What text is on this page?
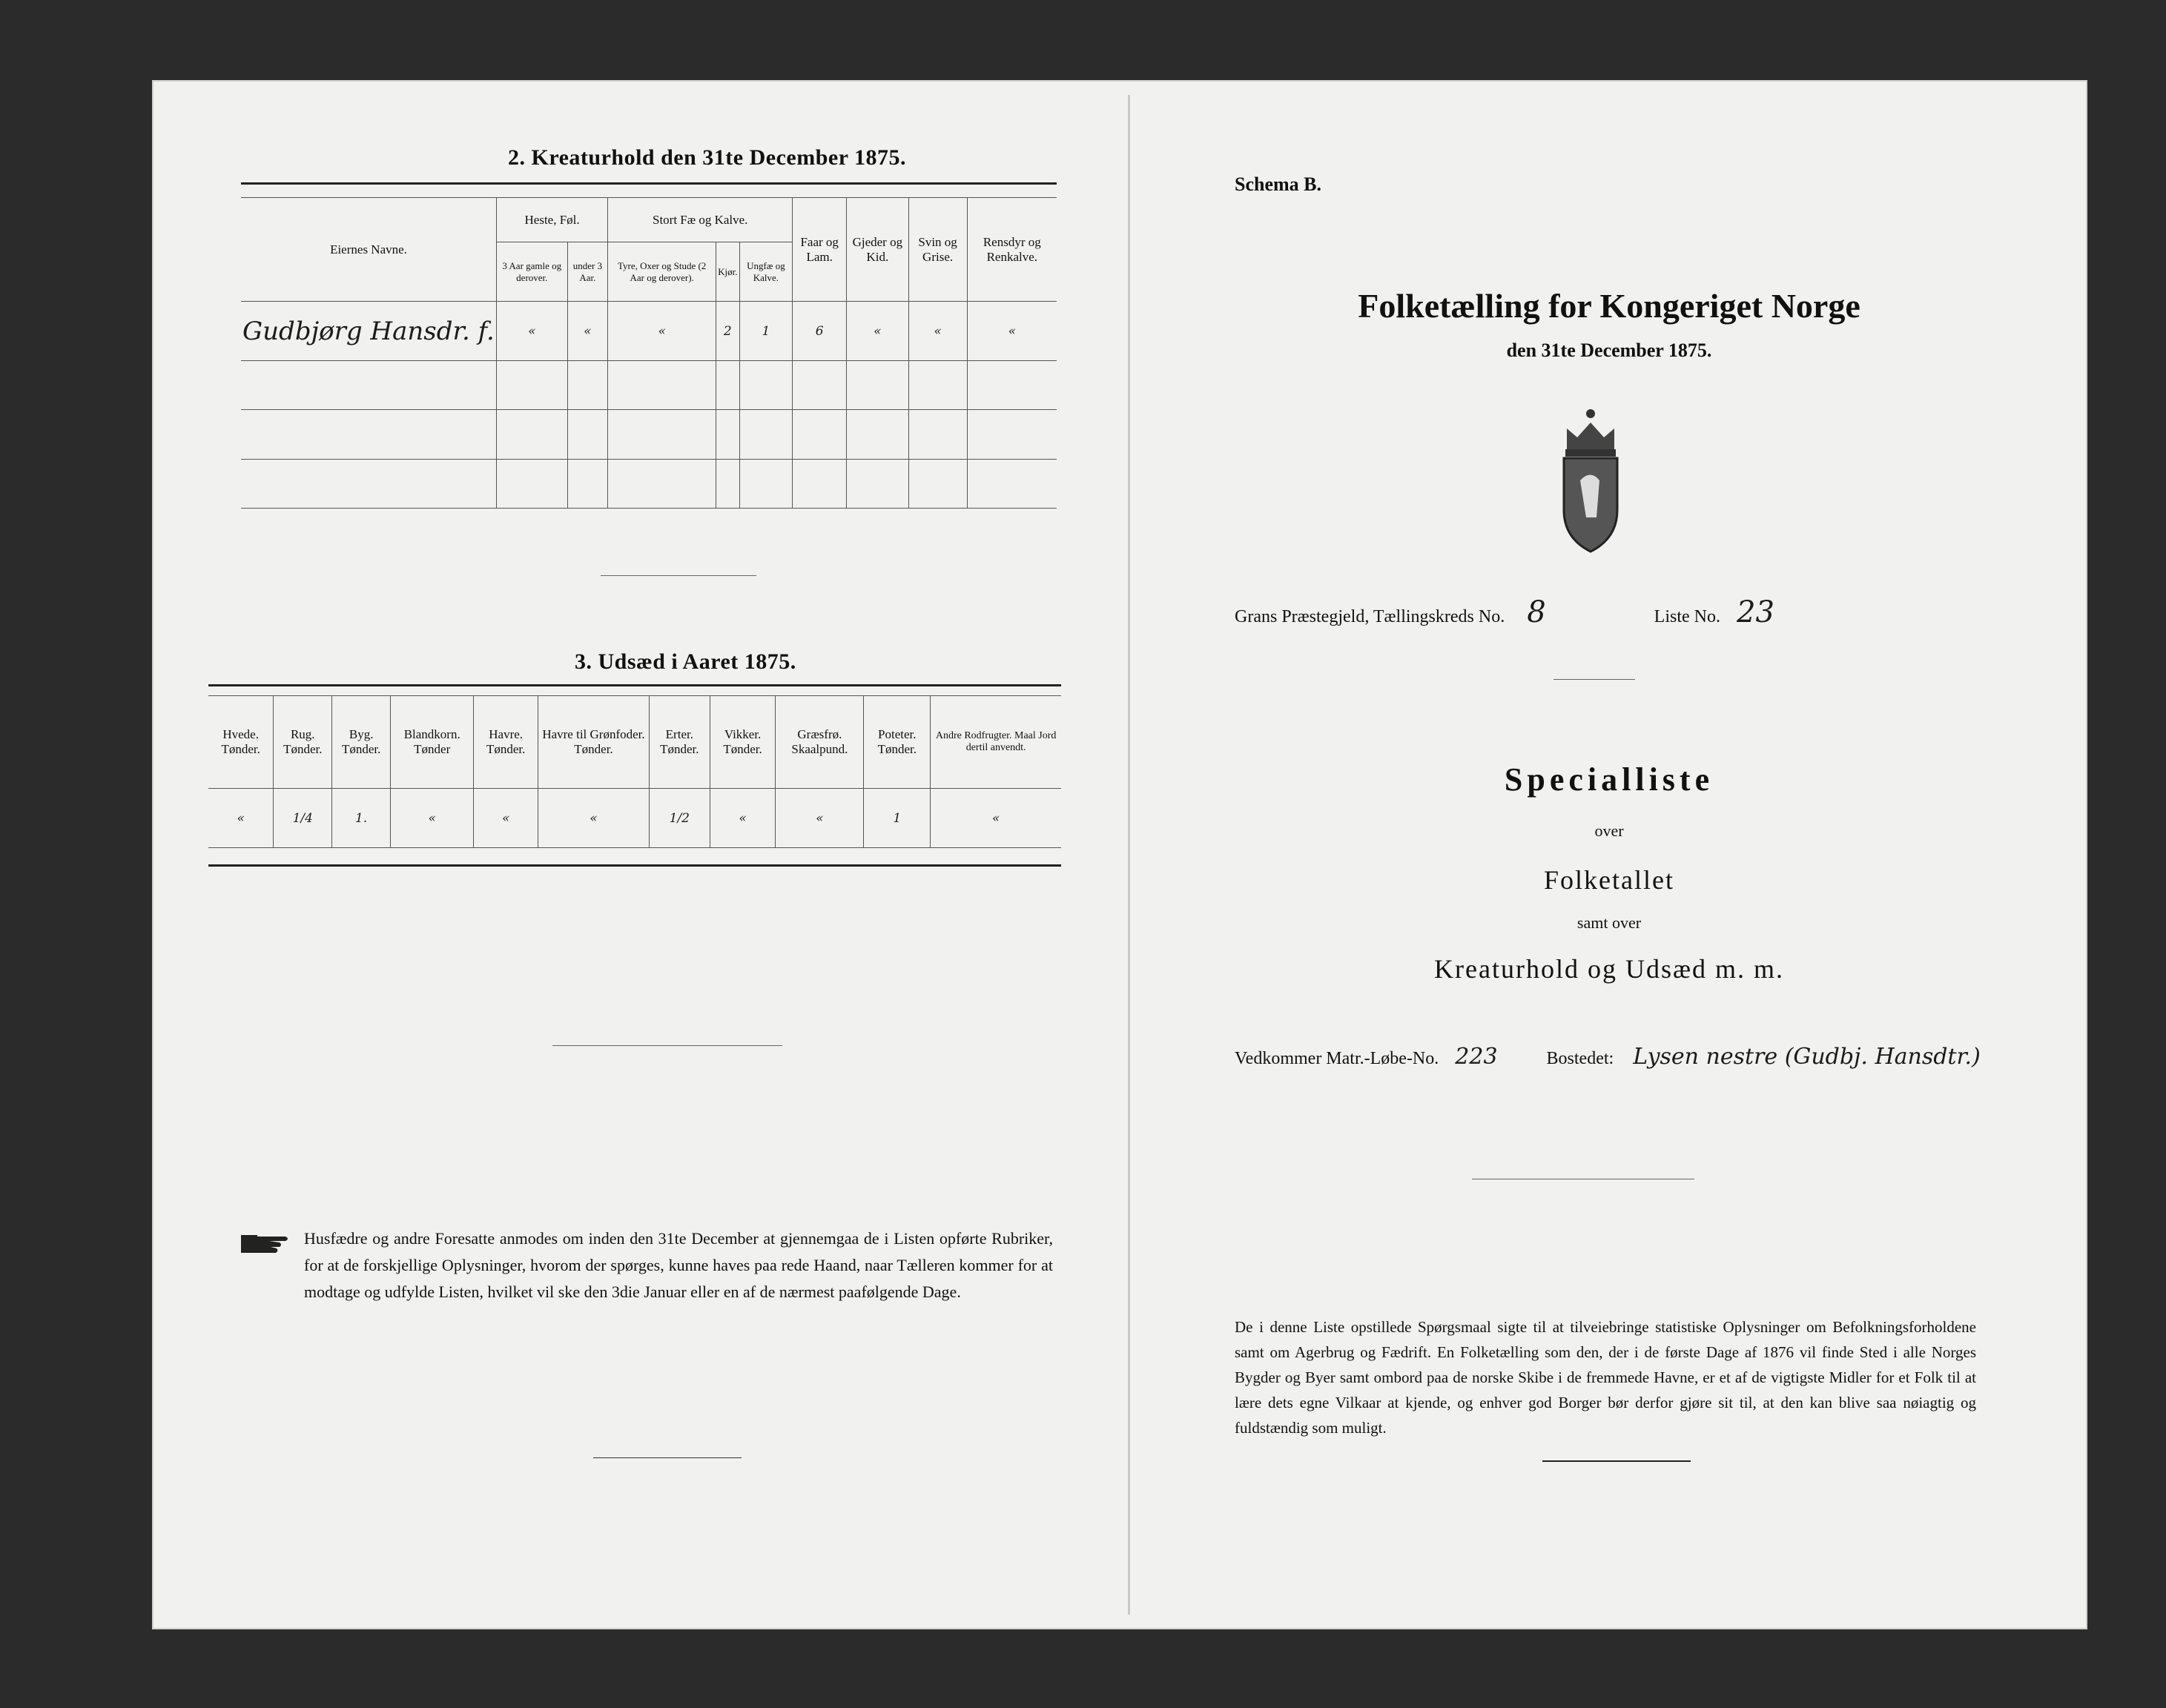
2. Kreaturhold den 31te December 1875.
Eiernes Navne.	Heste, Føl.		Stort Fæ og Kalve.			Faar og Lam.	Gjeder og Kid.	Svin og Grise.	Rensdyr og Renkalve.
	3 Aar gamle og derover.	under 3 Aar.	Tyre, Oxer og Stude (2 Aar og derover).	Kjør.	Ungfæ og Kalve.				
Gudbjørg Hansdr. f.	«	«	«	2	1	6	«	«	«

3. Udsæd i Aaret 1875.
Hvede. Tønder.	Rug. Tønder.	Byg. Tønder.	Blandkorn. Tønder	Havre. Tønder.	Havre til Grønfoder. Tønder.	Erter. Tønder.	Vikker. Tønder.	Græsfrø. Skaalpund.	Poteter. Tønder.	Andre Rodfrugter. Maal Jord dertil anvendt.
«	1/4	1.	«	«	«	1/2	«	«	1	«
Husfædre og andre Foresatte anmodes om inden den 31te December at gjennemgaa de i Listen opførte Rubriker, for at de forskjellige Oplysninger, hvorom der spørges, kunne haves paa rede Haand, naar Tælleren kommer for at modtage og udfylde Listen, hvilket vil ske den 3die Januar eller en af de nærmest paafølgende Dage.
Schema B.
Folketælling for Kongeriget Norge
den 31te December 1875.
Grans Præstegjeld, Tællingskreds No. 8	Liste No. 23
Specialliste
over
Folketallet
samt over
Kreaturhold og Udsæd m. m.
Vedkommer Matr.-Løbe-No. 223	Bostedet: Lysen nestre (Gudbj. Hansdtr.)
De i denne Liste opstillede Spørgsmaal sigte til at tilveiebringe statistiske Oplysninger om Befolkningsforholdene samt om Agerbrug og Fædrift. En Folketælling som den, der i de første Dage af 1876 vil finde Sted i alle Norges Bygder og Byer samt ombord paa de norske Skibe i de fremmede Havne, er et af de vigtigste Midler for et Folk til at lære dets egne Vilkaar at kjende, og enhver god Borger bør derfor gjøre sit til, at den kan blive saa nøiagtig og fuldstændig som muligt.
